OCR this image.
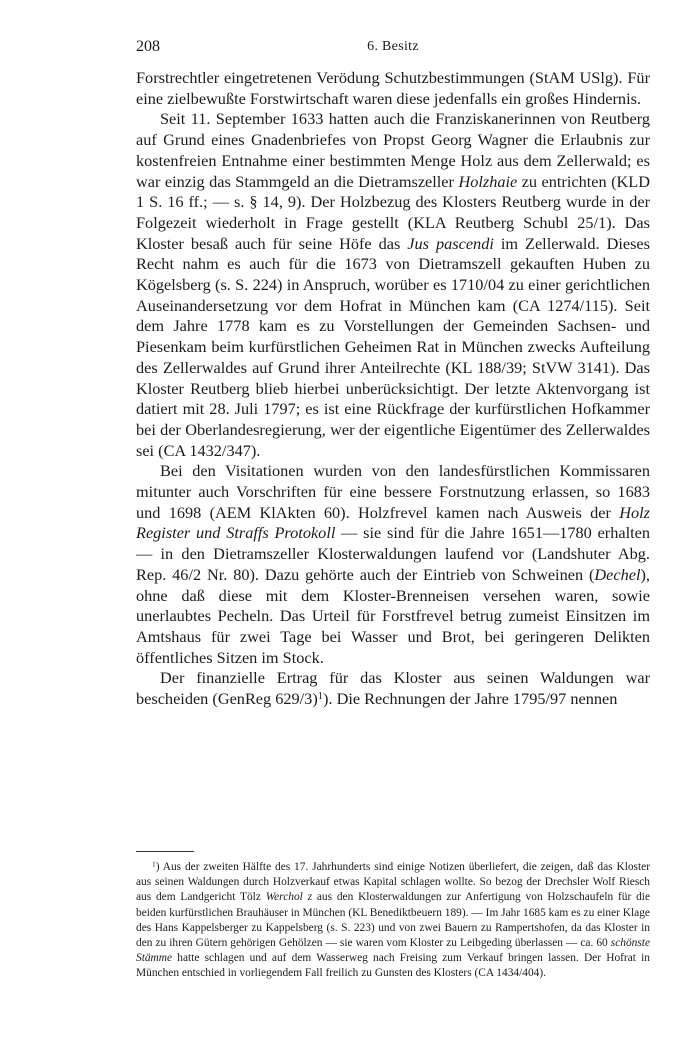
208	6. Besitz

Forstrechtler eingetretenen Verödung Schutzbestimmungen (StAM USlg). Für eine zielbewußte Forstwirtschaft waren diese jedenfalls ein großes Hindernis.

Seit 11. September 1633 hatten auch die Franziskanerinnen von Reutberg auf Grund eines Gnadenbriefes von Propst Georg Wagner die Erlaubnis zur kostenfreien Entnahme einer bestimmten Menge Holz aus dem Zellerwald; es war einzig das Stammgeld an die Dietramszeller Holzhaie zu entrichten (KLD 1 S. 16 ff.; — s. § 14, 9). Der Holzbezug des Klosters Reutberg wurde in der Folgezeit wiederholt in Frage gestellt (KLA Reutberg Schubl 25/1). Das Kloster besaß auch für seine Höfe das Jus pascendi im Zellerwald. Dieses Recht nahm es auch für die 1673 von Dietramszell gekauften Huben zu Kögelsberg (s. S. 224) in Anspruch, worüber es 1710/04 zu einer gerichtlichen Auseinandersetzung vor dem Hofrat in München kam (CA 1274/115). Seit dem Jahre 1778 kam es zu Vorstellungen der Gemeinden Sachsen- und Piesenkam beim kurfürstlichen Geheimen Rat in München zwecks Aufteilung des Zellerwaldes auf Grund ihrer Anteilrechte (KL 188/39; StVW 3141). Das Kloster Reutberg blieb hierbei unberücksichtigt. Der letzte Aktenvorgang ist datiert mit 28. Juli 1797; es ist eine Rückfrage der kurfürstlichen Hofkammer bei der Oberlandesregierung, wer der eigentliche Eigentümer des Zellerwaldes sei (CA 1432/347).

Bei den Visitationen wurden von den landesfürstlichen Kommissaren mitunter auch Vorschriften für eine bessere Forstnutzung erlassen, so 1683 und 1698 (AEM KlAkten 60). Holzfrevel kamen nach Ausweis der Holz Register und Straffs Protokoll — sie sind für die Jahre 1651—1780 erhalten — in den Dietramszeller Klosterwaldungen laufend vor (Landshuter Abg. Rep. 46/2 Nr. 80). Dazu gehörte auch der Eintrieb von Schweinen (Dechel), ohne daß diese mit dem Kloster-Brenneisen versehen waren, sowie unerlaubtes Pecheln. Das Urteil für Forstfrevel betrug zumeist Einsitzen im Amtshaus für zwei Tage bei Wasser und Brot, bei geringeren Delikten öffentliches Sitzen im Stock.

Der finanzielle Ertrag für das Kloster aus seinen Waldungen war bescheiden (GenReg 629/3)$^1$). Die Rechnungen der Jahre 1795/97 nennen

$^1$) Aus der zweiten Hälfte des 17. Jahrhunderts sind einige Notizen überliefert, die zeigen, daß das Kloster aus seinen Waldungen durch Holzverkauf etwas Kapital schlagen wollte. So bezog der Drechsler Wolf Riesch aus dem Landgericht Tölz Werchol z aus den Klosterwaldungen zur Anfertigung von Holzschaufeln für die beiden kurfürstlichen Brauhäuser in München (KL Benediktbeuern 189). — Im Jahr 1685 kam es zu einer Klage des Hans Kappelsberger zu Kappelsberg (s. S. 223) und von zwei Bauern zu Rampertshofen, da das Kloster in den zu ihren Gütern gehörigen Gehölzen — sie waren vom Kloster zu Leibgeding überlassen — ca. 60 schönste Stämme hatte schlagen und auf dem Wasserweg nach Freising zum Verkauf bringen lassen. Der Hofrat in München entschied in vorliegendem Fall freilich zu Gunsten des Klosters (CA 1434/404).
